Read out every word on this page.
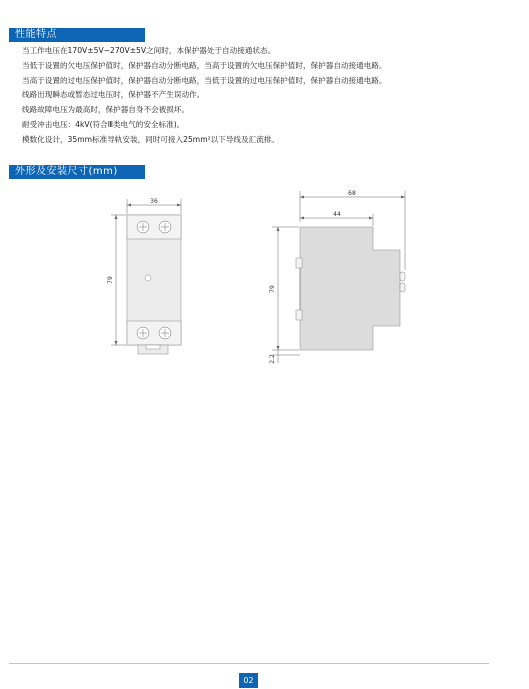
性能特点
当工作电压在170V±5V~270V±5V之间时，本保护器处于自动接通状态。
当低于设置的欠电压保护值时，保护器自动分断电路，当高于设置的欠电压保护值时，保护器自动接通电路。
当高于设置的过电压保护值时，保护器自动分断电路，当低于设置的过电压保护值时，保护器自动接通电路。
线路出现瞬态或暂态过电压时，保护器不产生误动作。
线路故障电压为最高时，保护器自身不会被损坏。
耐受冲击电压：4kV(符合Ⅲ类电气的安全标准)。
模数化设计，35mm标准导轨安装，同时可接入25mm²以下导线及汇流排。
外形及安装尺寸(mm)
36
79
68
44
79
2.2
02
